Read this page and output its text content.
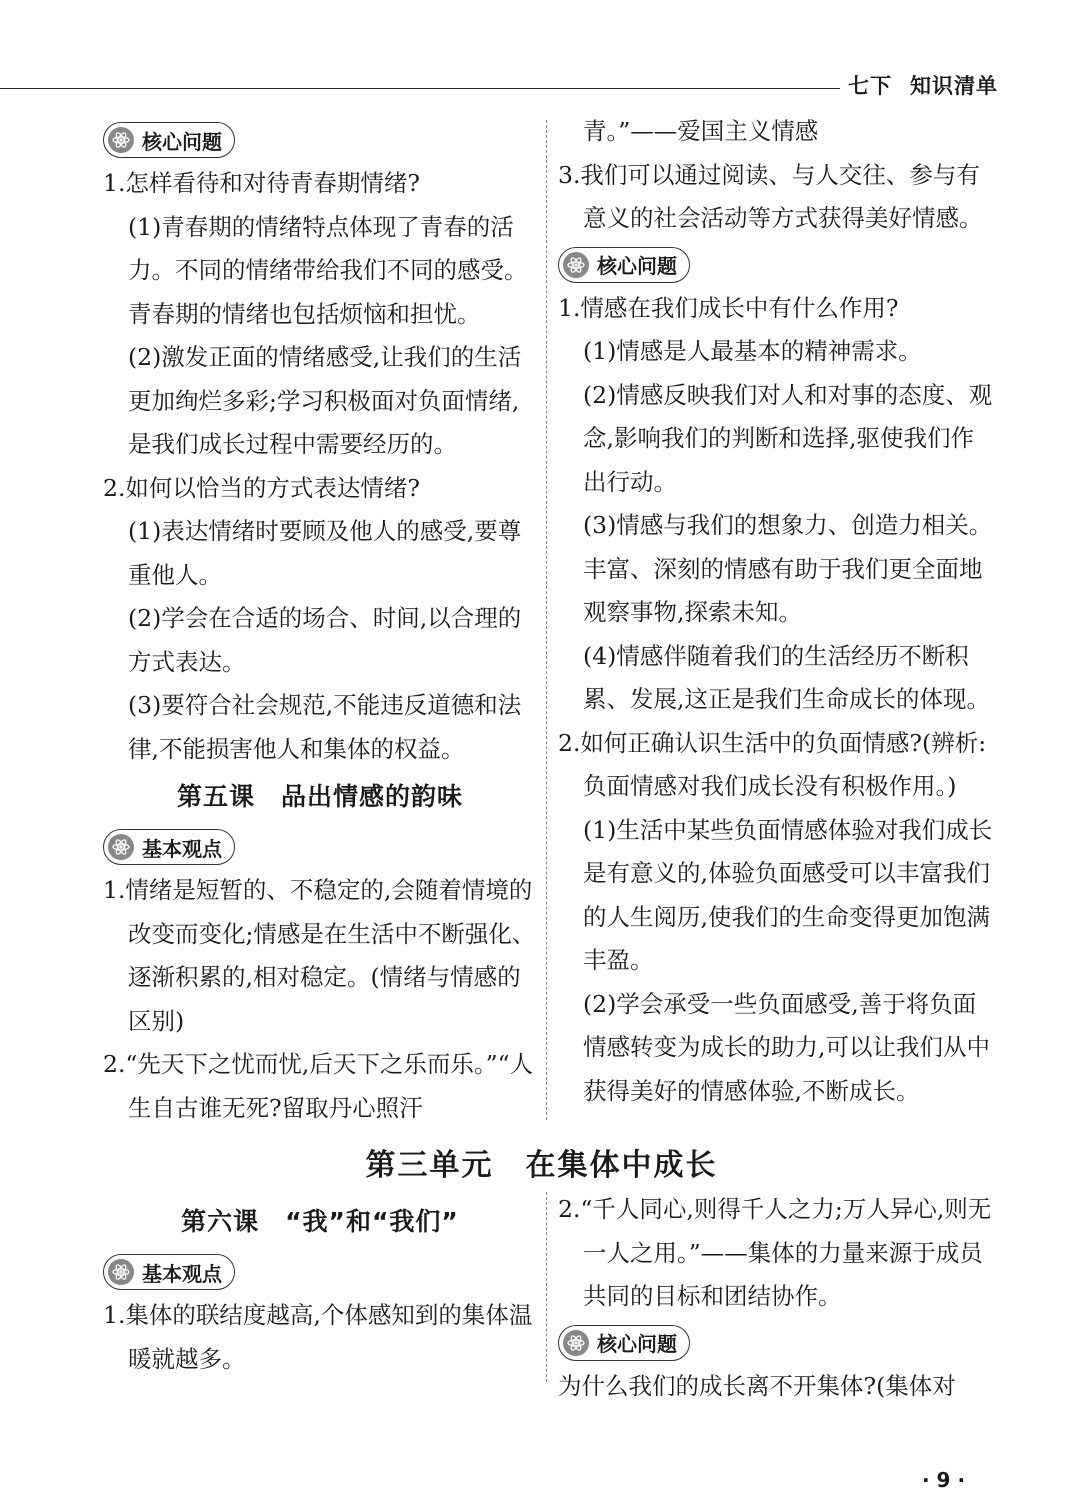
七下 知识清单
核心问题

1.怎样看待和对待青春期情绪?

(1)青春期的情绪特点体现了青春的活力。不同的情绪带给我们不同的感受。青春期的情绪也包括烦恼和担忧。

(2)激发正面的情绪感受,让我们的生活更加绚烂多彩;学习积极面对负面情绪,是我们成长过程中需要经历的。

2.如何以恰当的方式表达情绪?

(1)表达情绪时要顾及他人的感受,要尊重他人。

(2)学会在合适的场合、时间,以合理的方式表达。

(3)要符合社会规范,不能违反道德和法律,不能损害他人和集体的权益。

第五课　品出情感的韵味
基本观点

1.情绪是短暂的、不稳定的,会随着情境的改变而变化;情感是在生活中不断强化、逐渐积累的,相对稳定。(情绪与情感的区别)

2.“先天下之忧而忧,后天下之乐而乐。”“人生自古谁无死?留取丹心照汗

青。”——爱国主义情感

3.我们可以通过阅读、与人交往、参与有意义的社会活动等方式获得美好情感。

核心问题

1.情感在我们成长中有什么作用?

(1)情感是人最基本的精神需求。

(2)情感反映我们对人和对事的态度、观念,影响我们的判断和选择,驱使我们作出行动。

(3)情感与我们的想象力、创造力相关。丰富、深刻的情感有助于我们更全面地观察事物,探索未知。

(4)情感伴随着我们的生活经历不断积累、发展,这正是我们生命成长的体现。

2.如何正确认识生活中的负面情感?(辨析:负面情感对我们成长没有积极作用。)

(1)生活中某些负面情感体验对我们成长是有意义的,体验负面感受可以丰富我们的人生阅历,使我们的生命变得更加饱满丰盈。

(2)学会承受一些负面感受,善于将负面情感转变为成长的助力,可以让我们从中获得美好的情感体验,不断成长。

第三单元　在集体中成长
第六课　“我”和“我们”
基本观点

1.集体的联结度越高,个体感知到的集体温暖就越多。

2.“千人同心,则得千人之力;万人异心,则无一人之用。”——集体的力量来源于成员共同的目标和团结协作。

核心问题

为什么我们的成长离不开集体?(集体对

· 9 ·
